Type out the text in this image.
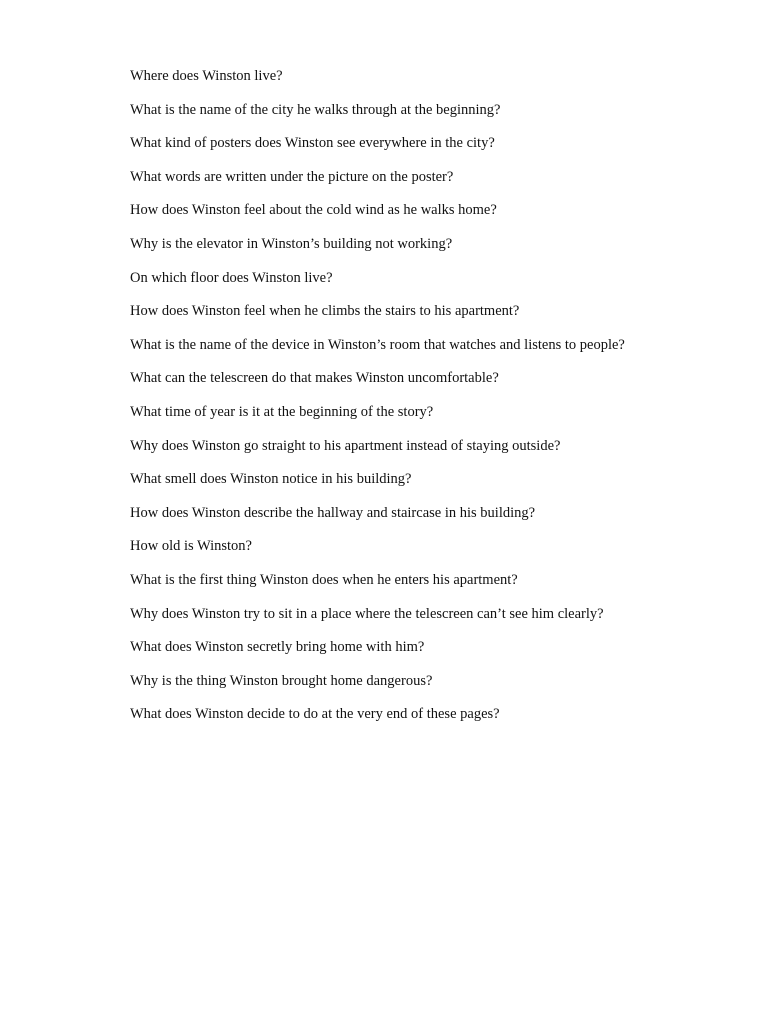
Where does Winston live?
What is the name of the city he walks through at the beginning?
What kind of posters does Winston see everywhere in the city?
What words are written under the picture on the poster?
How does Winston feel about the cold wind as he walks home?
Why is the elevator in Winston’s building not working?
On which floor does Winston live?
How does Winston feel when he climbs the stairs to his apartment?
What is the name of the device in Winston’s room that watches and listens to people?
What can the telescreen do that makes Winston uncomfortable?
What time of year is it at the beginning of the story?
Why does Winston go straight to his apartment instead of staying outside?
What smell does Winston notice in his building?
How does Winston describe the hallway and staircase in his building?
How old is Winston?
What is the first thing Winston does when he enters his apartment?
Why does Winston try to sit in a place where the telescreen can’t see him clearly?
What does Winston secretly bring home with him?
Why is the thing Winston brought home dangerous?
What does Winston decide to do at the very end of these pages?
